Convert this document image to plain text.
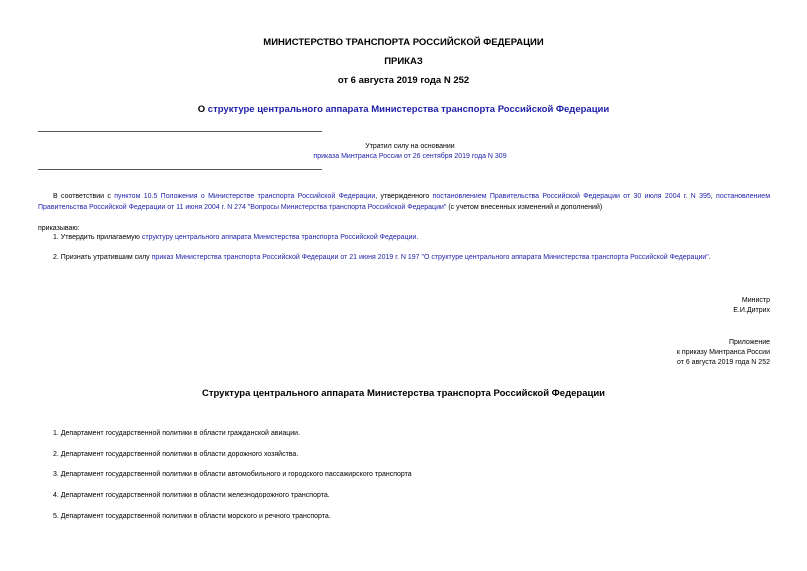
МИНИСТЕРСТВО ТРАНСПОРТА РОССИЙСКОЙ ФЕДЕРАЦИИ
ПРИКАЗ
от 6 августа 2019 года N 252
О структуре центрального аппарата Министерства транспорта Российской Федерации
Утратил силу на основании
приказа Минтранса России от 26 сентября 2019 года N 309
В соответствии с пунктом 10.5 Положения о Министерстве транспорта Российской Федерации, утвержденного постановлением Правительства Российской Федерации от 30 июля 2004 г. N 395, постановлением Правительства Российской Федерации от 11 июня 2004 г. N 274 "Вопросы Министерства транспорта Российской Федерации" (с учетом внесенных изменений и дополнений)
приказываю:
1. Утвердить прилагаемую структуру центрального аппарата Министерства транспорта Российской Федерации.
2. Признать утратившим силу приказ Министерства транспорта Российской Федерации от 21 июня 2019 г. N 197 "О структуре центрального аппарата Министерства транспорта Российской Федерации".
Министр
Е.И.Дитрих
Приложение
к приказу Минтранса России
от 6 августа 2019 года N 252
Структура центрального аппарата Министерства транспорта Российской Федерации
1. Департамент государственной политики в области гражданской авиации.
2. Департамент государственной политики в области дорожного хозяйства.
3. Департамент государственной политики в области автомобильного и городского пассажирского транспорта
4. Департамент государственной политики в области железнодорожного транспорта.
5. Департамент государственной политики в области морского и речного транспорта.
